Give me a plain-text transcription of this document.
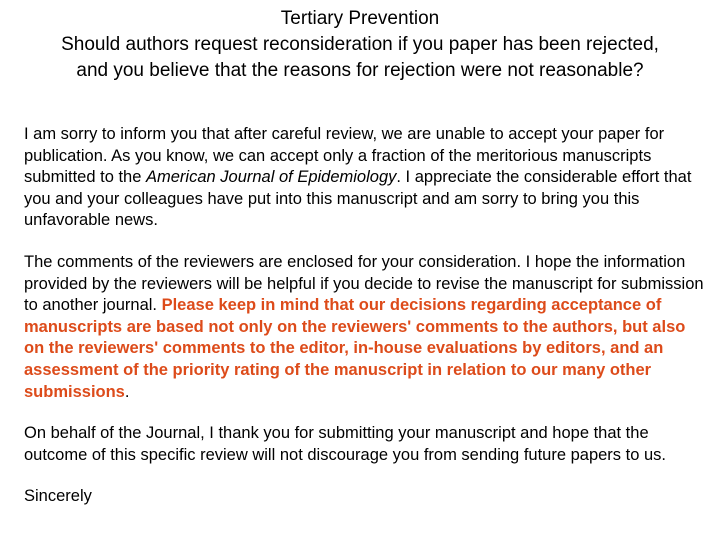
Tertiary Prevention
Should authors request reconsideration if you paper has been rejected,
and you believe that the reasons for rejection were not reasonable?

I am sorry to inform you that after careful review, we are unable to accept your paper for publication. As you know, we can accept only a fraction of the meritorious manuscripts submitted to the American Journal of Epidemiology. I appreciate the considerable effort that you and your colleagues have put into this manuscript and am sorry to bring you this unfavorable news.

The comments of the reviewers are enclosed for your consideration. I hope the information provided by the reviewers will be helpful if you decide to revise the manuscript for submission to another journal. Please keep in mind that our decisions regarding acceptance of manuscripts are based not only on the reviewers' comments to the authors, but also on the reviewers' comments to the editor, in-house evaluations by editors, and an assessment of the priority rating of the manuscript in relation to our many other submissions.

On behalf of the Journal, I thank you for submitting your manuscript and hope that the outcome of this specific review will not discourage you from sending future papers to us.

Sincerely
